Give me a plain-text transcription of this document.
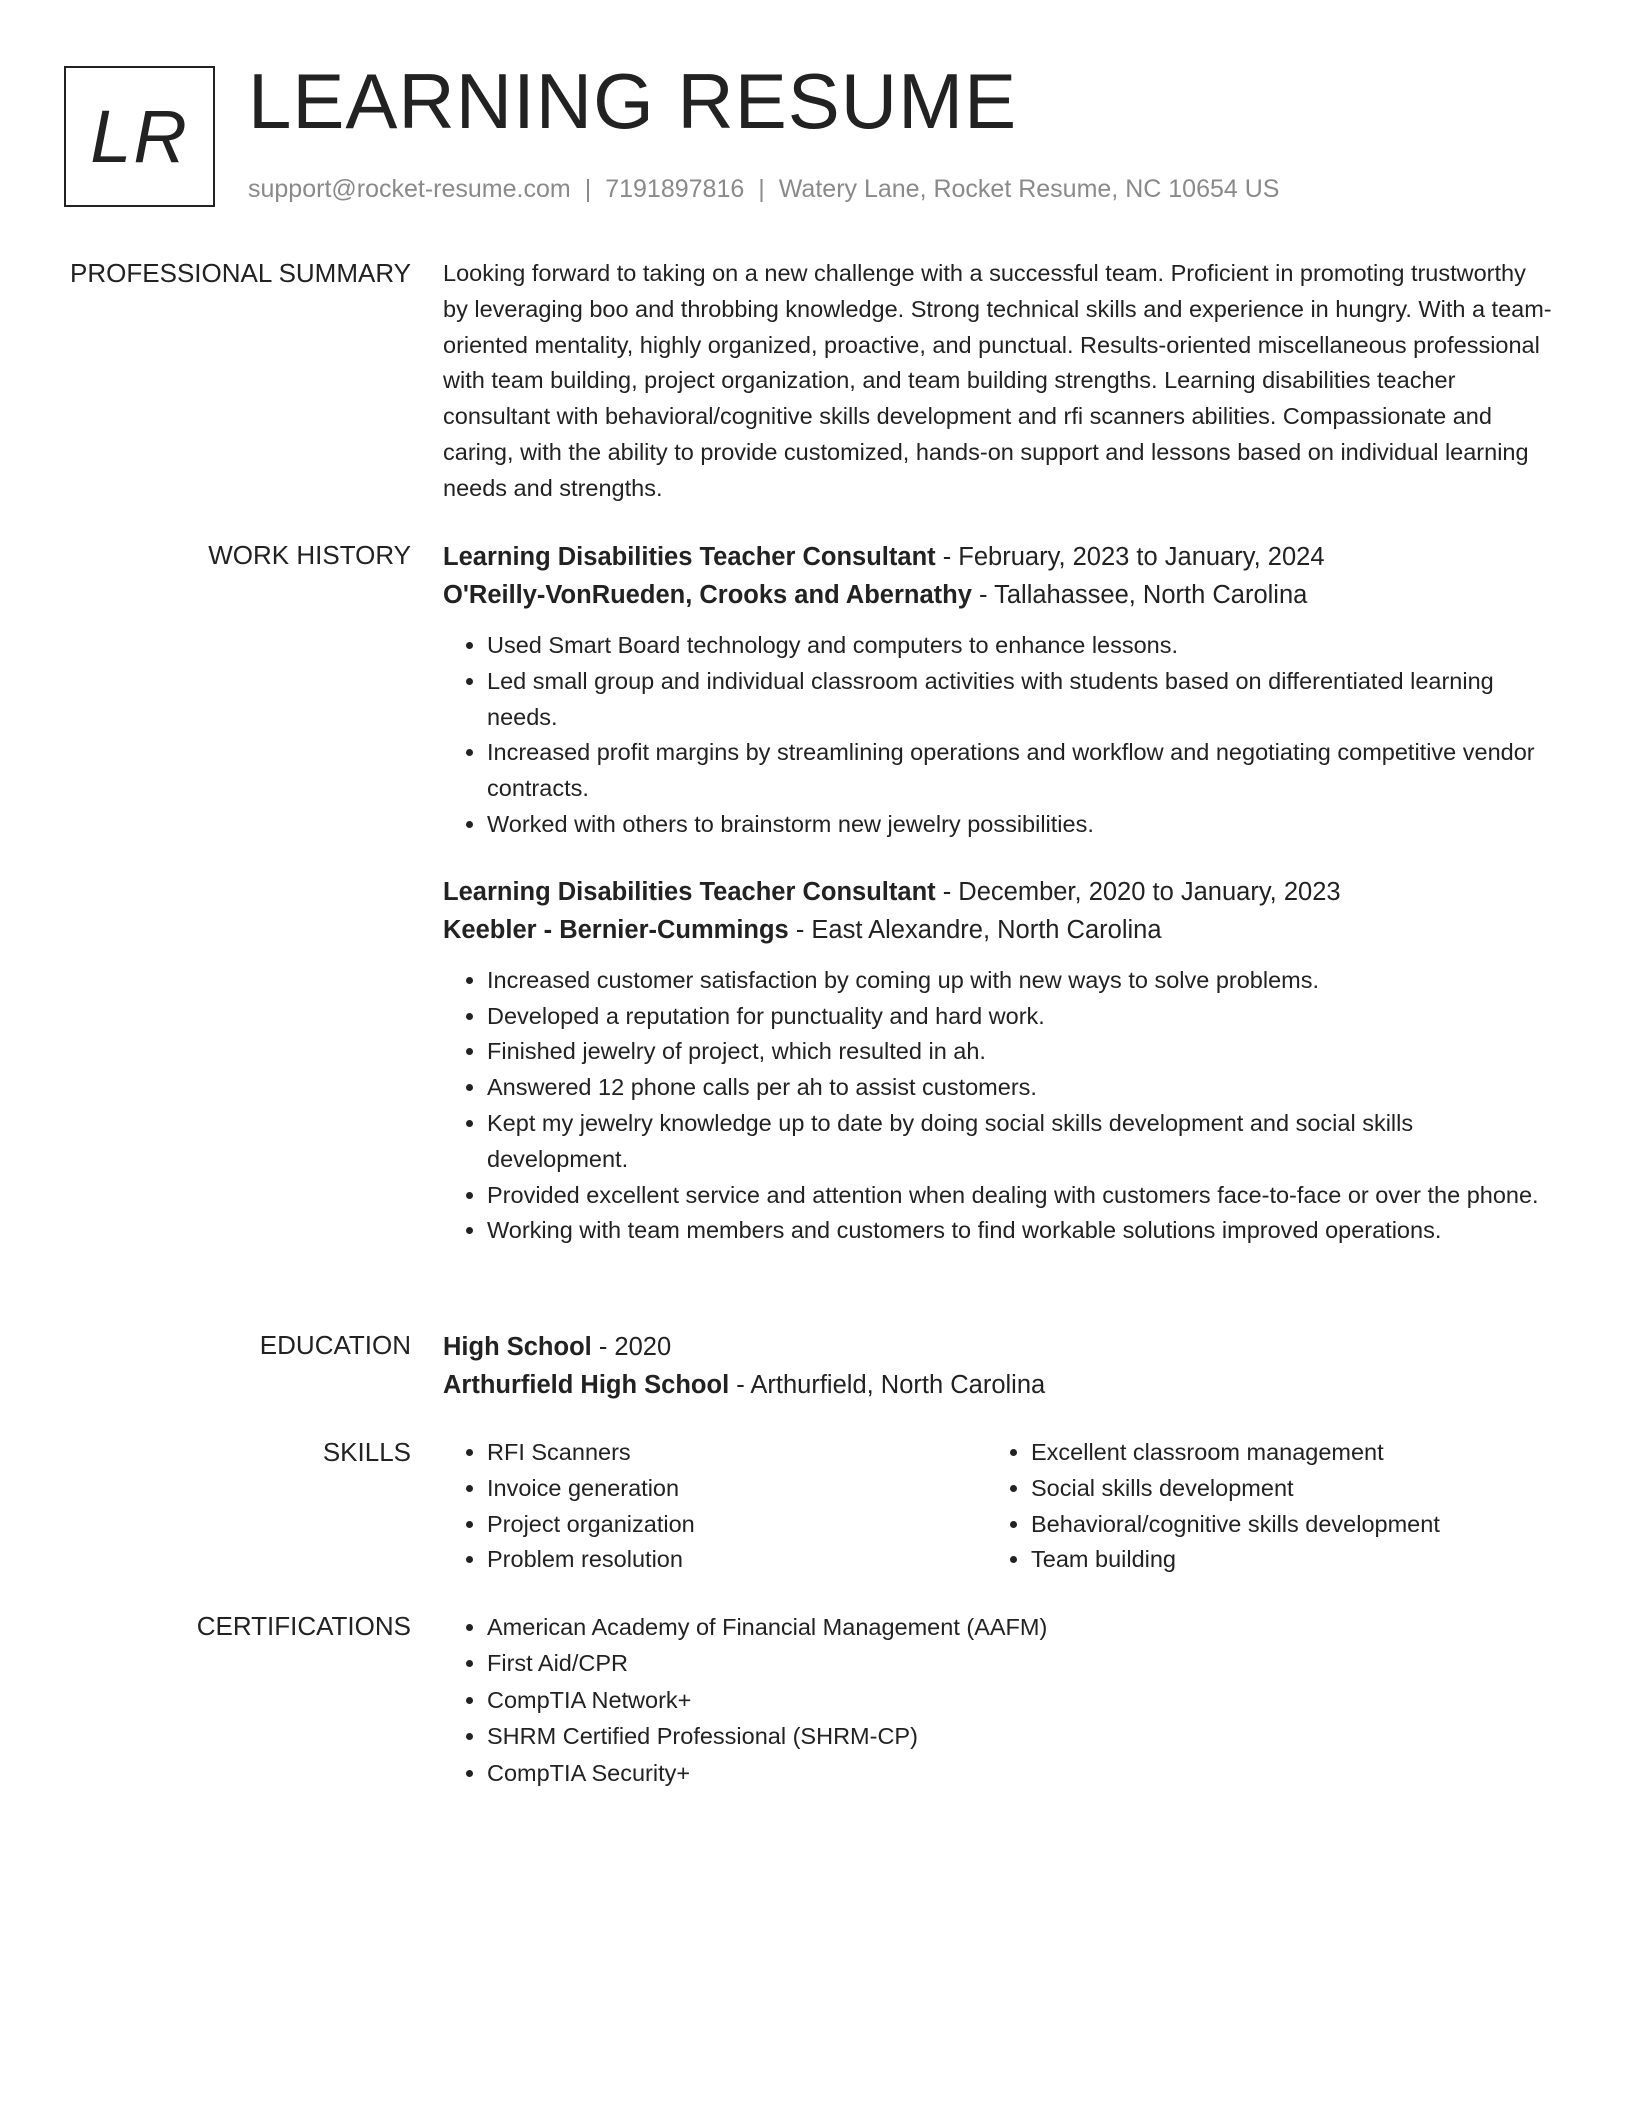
LR LEARNING RESUME
support@rocket-resume.com | 7191897816 | Watery Lane, Rocket Resume, NC 10654 US
PROFESSIONAL SUMMARY Looking forward to taking on a new challenge with a successful team. Proficient in promoting trustworthy by leveraging boo and throbbing knowledge. Strong technical skills and experience in hungry. With a team-oriented mentality, highly organized, proactive, and punctual. Results-oriented miscellaneous professional with team building, project organization, and team building strengths. Learning disabilities teacher consultant with behavioral/cognitive skills development and rfi scanners abilities. Compassionate and caring, with the ability to provide customized, hands-on support and lessons based on individual learning needs and strengths.

WORK HISTORY Learning Disabilities Teacher Consultant - February, 2023 to January, 2024
O'Reilly-VonRueden, Crooks and Abernathy - Tallahassee, North Carolina
• Used Smart Board technology and computers to enhance lessons.
• Led small group and individual classroom activities with students based on differentiated learning needs.
• Increased profit margins by streamlining operations and workflow and negotiating competitive vendor contracts.
• Worked with others to brainstorm new jewelry possibilities.
Learning Disabilities Teacher Consultant - December, 2020 to January, 2023
Keebler - Bernier-Cummings - East Alexandre, North Carolina
• Increased customer satisfaction by coming up with new ways to solve problems.
• Developed a reputation for punctuality and hard work.
• Finished jewelry of project, which resulted in ah.
• Answered 12 phone calls per ah to assist customers.
• Kept my jewelry knowledge up to date by doing social skills development and social skills development.
• Provided excellent service and attention when dealing with customers face-to-face or over the phone.
• Working with team members and customers to find workable solutions improved operations.
EDUCATION High School - 2020
Arthurfield High School - Arthurfield, North Carolina
SKILLS	• RFI Scanners
• Invoice generation
• Project organization
• Problem resolution
• Excellent classroom management
• Social skills development
• Behavioral/cognitive skills development
• Team building
CERTIFICATIONS	• American Academy of Financial Management (AAFM)
• First Aid/CPR
• CompTIA Network+
• SHRM Certified Professional (SHRM-CP)
• CompTIA Security+
